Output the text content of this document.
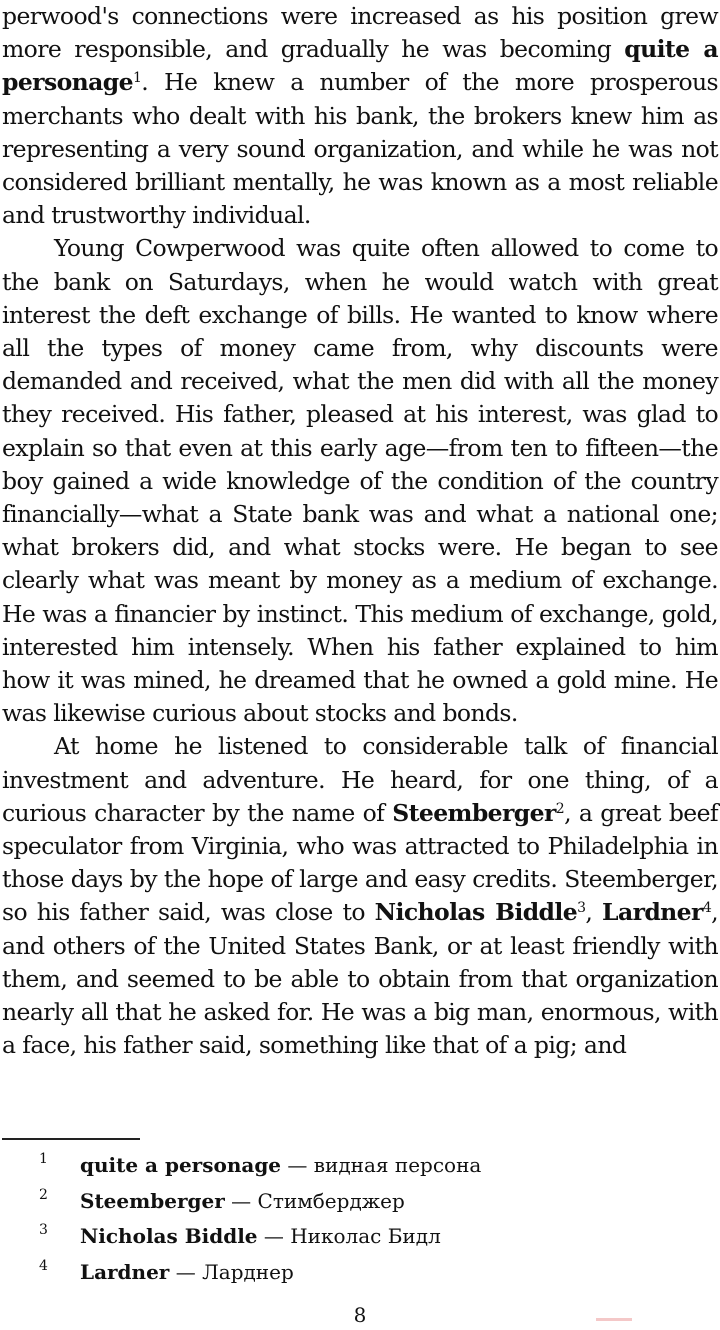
perwood's connections were increased as his position grew more responsible, and gradually he was becoming quite a personage$^1$. He knew a number of the more prosperous merchants who dealt with his bank, the brokers knew him as representing a very sound organization, and while he was not considered brilliant mentally, he was known as a most reliable and trustworthy individual.

Young Cowperwood was quite often allowed to come to the bank on Saturdays, when he would watch with great interest the deft exchange of bills. He wanted to know where all the types of money came from, why discounts were demanded and received, what the men did with all the money they received. His father, pleased at his interest, was glad to explain so that even at this early age—from ten to fifteen—the boy gained a wide knowledge of the condition of the country financially—what a State bank was and what a national one; what brokers did, and what stocks were. He began to see clearly what was meant by money as a medium of exchange. He was a financier by instinct. This medium of exchange, gold, interested him intensely. When his father explained to him how it was mined, he dreamed that he owned a gold mine. He was likewise curious about stocks and bonds.

At home he listened to considerable talk of financial investment and adventure. He heard, for one thing, of a curious character by the name of Steemberger$^2$, a great beef speculator from Virginia, who was attracted to Philadelphia in those days by the hope of large and easy credits. Steemberger, so his father said, was close to Nicholas Biddle$^3$, Lardner$^4$, and others of the United States Bank, or at least friendly with them, and seemed to be able to obtain from that organization nearly all that he asked for. He was a big man, enormous, with a face, his father said, something like that of a pig; and

1 quite a personage — видная персона
2 Steemberger — Стимберджер
3 Nicholas Biddle — Николас Бидл
4 Lardner — Ларднер
8
